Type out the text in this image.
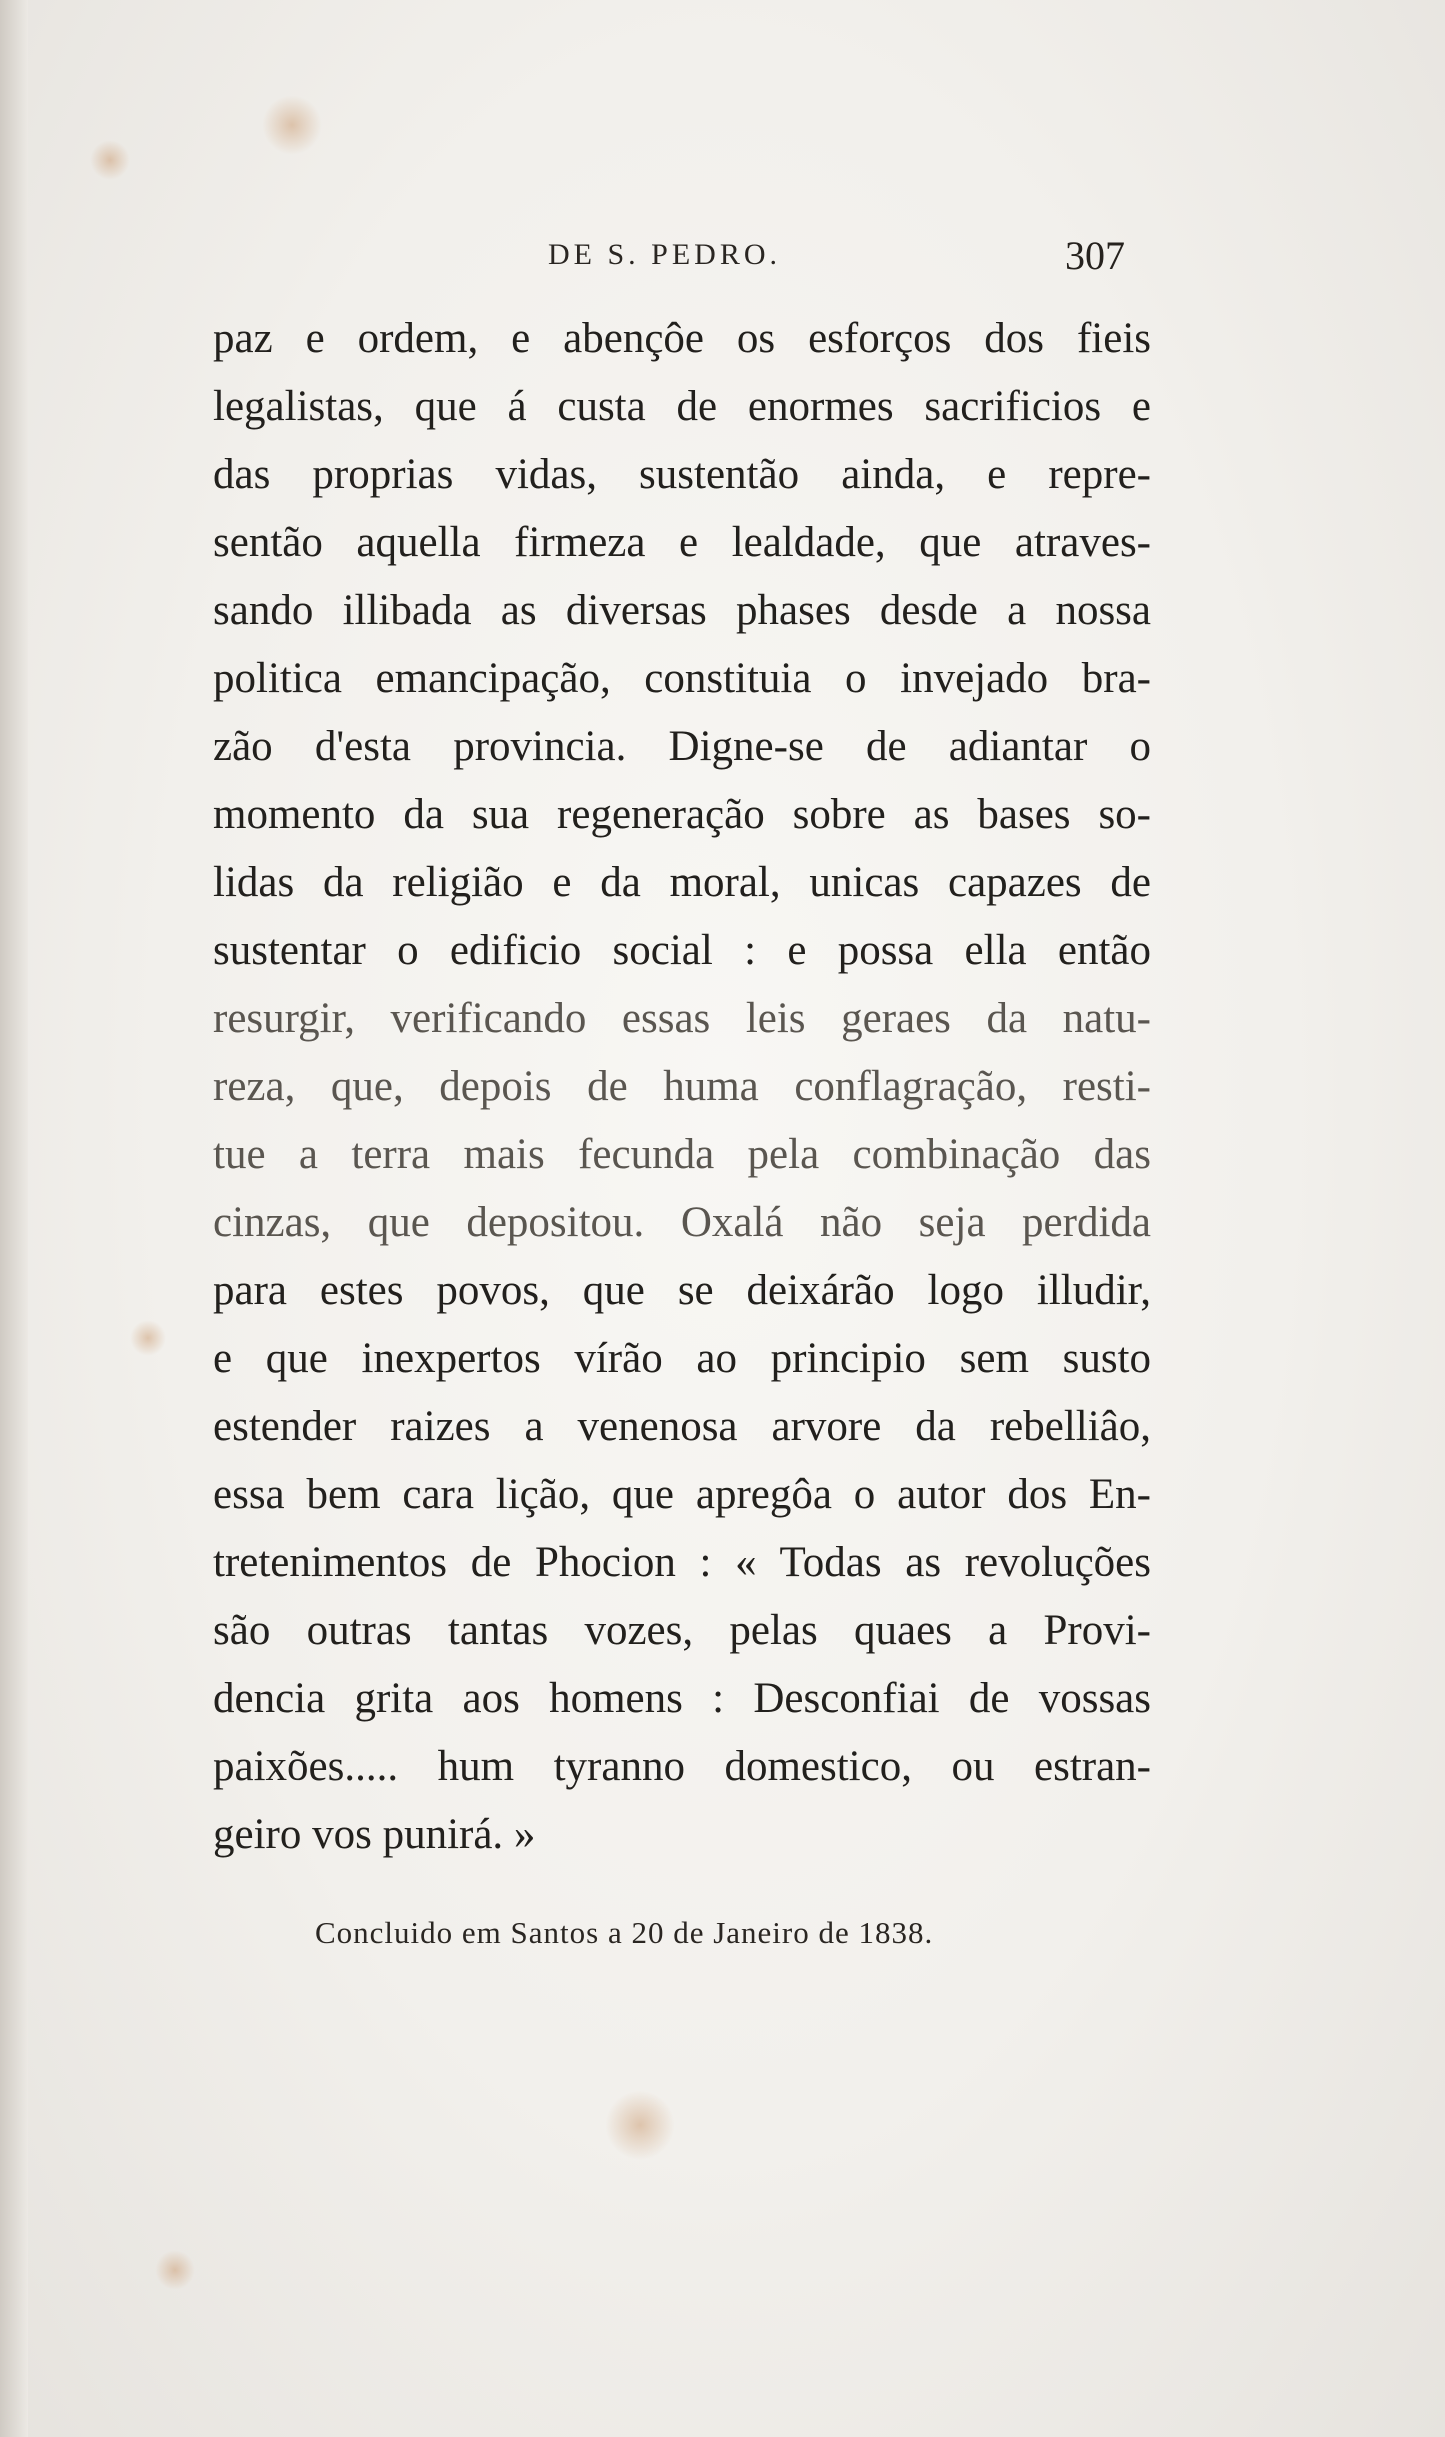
DE S. PEDRO.	307
paz e ordem, e abençôe os esforços dos fieis
legalistas, que á custa de enormes sacrificios e
das proprias vidas, sustentão ainda, e repre-
sentão aquella firmeza e lealdade, que atraves-
sando illibada as diversas phases desde a nossa
politica emancipação, constituia o invejado bra-
zão d'esta provincia. Digne-se de adiantar o
momento da sua regeneração sobre as bases so-
lidas da religião e da moral, unicas capazes de
sustentar o edificio social : e possa ella então
resurgir, verificando essas leis geraes da natu-
reza, que, depois de huma conflagração, resti-
tue a terra mais fecunda pela combinação das
cinzas, que depositou. Oxalá não seja perdida
para estes povos, que se deixárão logo illudir,
e que inexpertos vírão ao principio sem susto
estender raizes a venenosa arvore da rebelliâo,
essa bem cara lição, que apregôa o autor dos En-
tretenimentos de Phocion : « Todas as revoluções
são outras tantas vozes, pelas quaes a Provi-
dencia grita aos homens : Desconfiai de vossas
paixões..... hum tyranno domestico, ou estran-
geiro vos punirá. »
Concluido em Santos a 20 de Janeiro de 1838.
